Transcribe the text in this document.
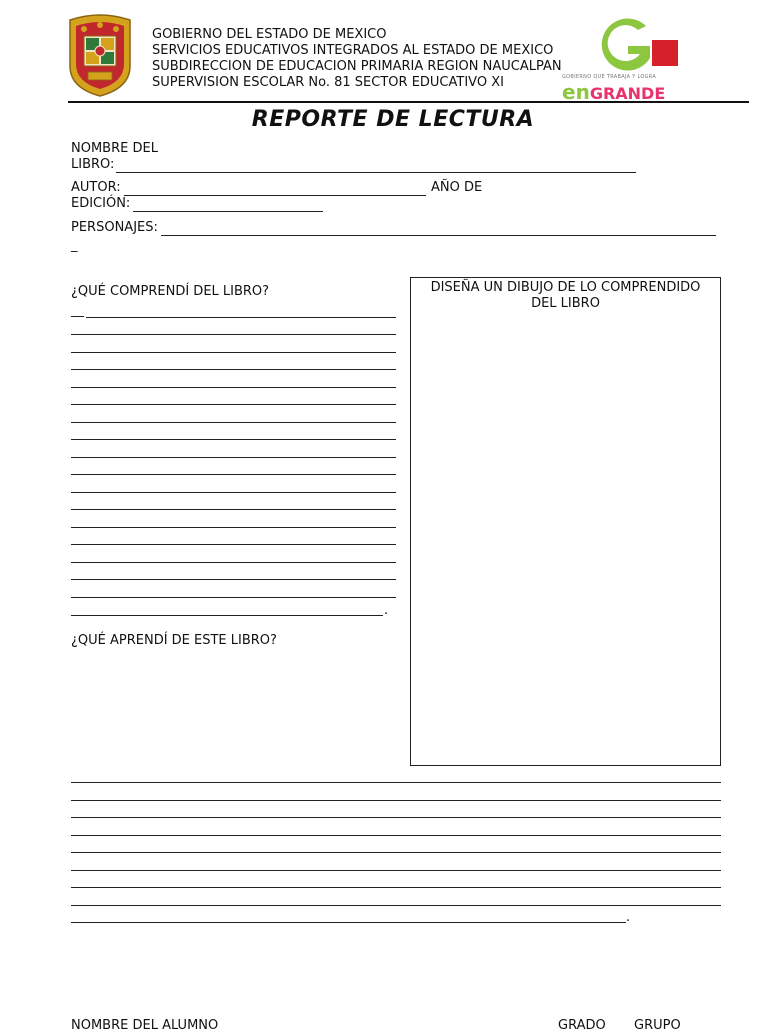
GOBIERNO DEL ESTADO DE MEXICO
SERVICIOS EDUCATIVOS INTEGRADOS AL ESTADO DE MÉXICO
SUBDIRECCIÓN DE EDUCACIÓN PRIMARIA REGIÓN NAUCALPAN
SUPERVISIÓN ESCOLAR No. 81 SECTOR EDUCATIVO XI	GOBIERNO QUE TRABAJA Y LOGRA
enGRANDE
REPORTE DE LECTURA
NOMBRE DEL
LIBRO:
AUTOR:	AÑO DE
EDICIÓN:
PERSONAJES:
_
¿QUÉ COMPRENDÍ DEL LIBRO?
__
.
¿QUÉ APRENDÍ DE ESTE LIBRO?
DISEÑA UN DIBUJO DE LO COMPRENDIDO
DEL LIBRO
.
NOMBRE DEL ALUMNO	GRADO GRUPO
